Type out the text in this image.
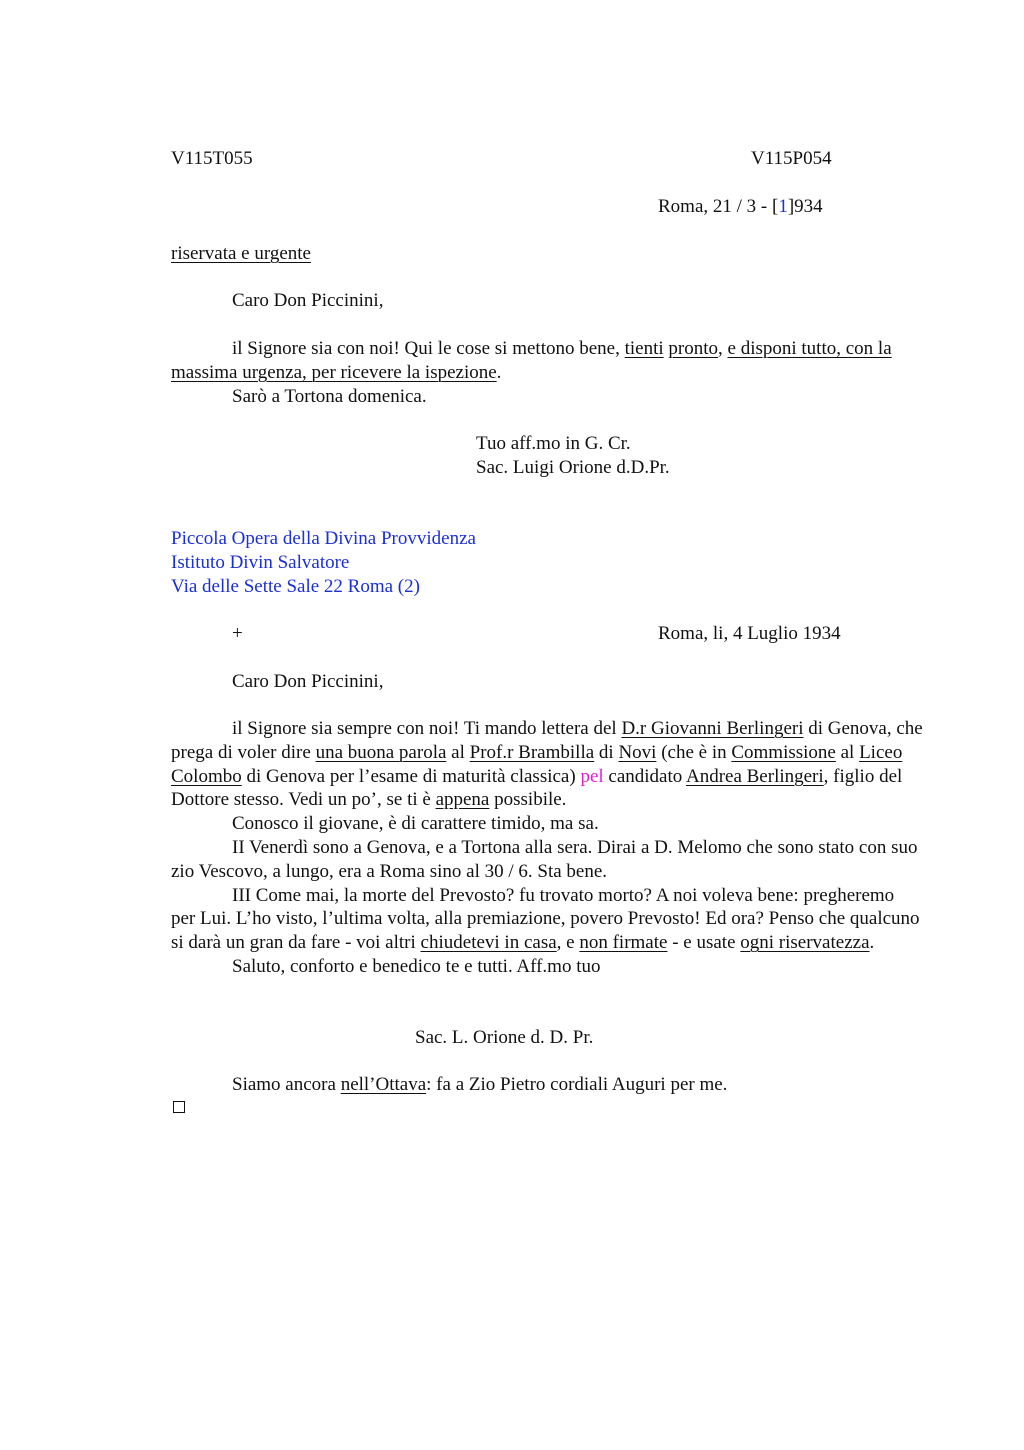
V115T055	V115P054
Roma, 21 / 3 - [1]934
riservata e urgente
Caro Don Piccinini,

il Signore sia con noi! Qui le cose si mettono bene, tienti pronto, e disponi tutto, con la massima urgenza, per ricevere la ispezione.

Sarò a Tortona domenica.

Tuo aff.mo in G. Cr.
Sac. Luigi Orione d.D.Pr.
Piccola Opera della Divina Provvidenza
Istituto Divin Salvatore
Via delle Sette Sale 22 Roma (2)
+	Roma, li, 4 Luglio 1934
Caro Don Piccinini,

il Signore sia sempre con noi! Ti mando lettera del D.r Giovanni Berlingeri di Genova, che prega di voler dire una buona parola al Prof.r Brambilla di Novi (che è in Commissione al Liceo Colombo di Genova per l’esame di maturità classica) pel candidato Andrea Berlingeri, figlio del Dottore stesso. Vedi un po’, se ti è appena possibile.

Conosco il giovane, è di carattere timido, ma sa.

II Venerdì sono a Genova, e a Tortona alla sera. Dirai a D. Melomo che sono stato con suo zio Vescovo, a lungo, era a Roma sino al 30 / 6. Sta bene.

III Come mai, la morte del Prevosto? fu trovato morto? A noi voleva bene: pregheremo per Lui. L’ho visto, l’ultima volta, alla premiazione, povero Prevosto! Ed ora? Penso che qualcuno si darà un gran da fare - voi altri chiudetevi in casa, e non firmate - e usate ogni riservatezza.

Saluto, conforto e benedico te e tutti. Aff.mo tuo

Sac. L. Orione d. D. Pr.
Siamo ancora nell’Ottava: fa a Zio Pietro cordiali Auguri per me.
